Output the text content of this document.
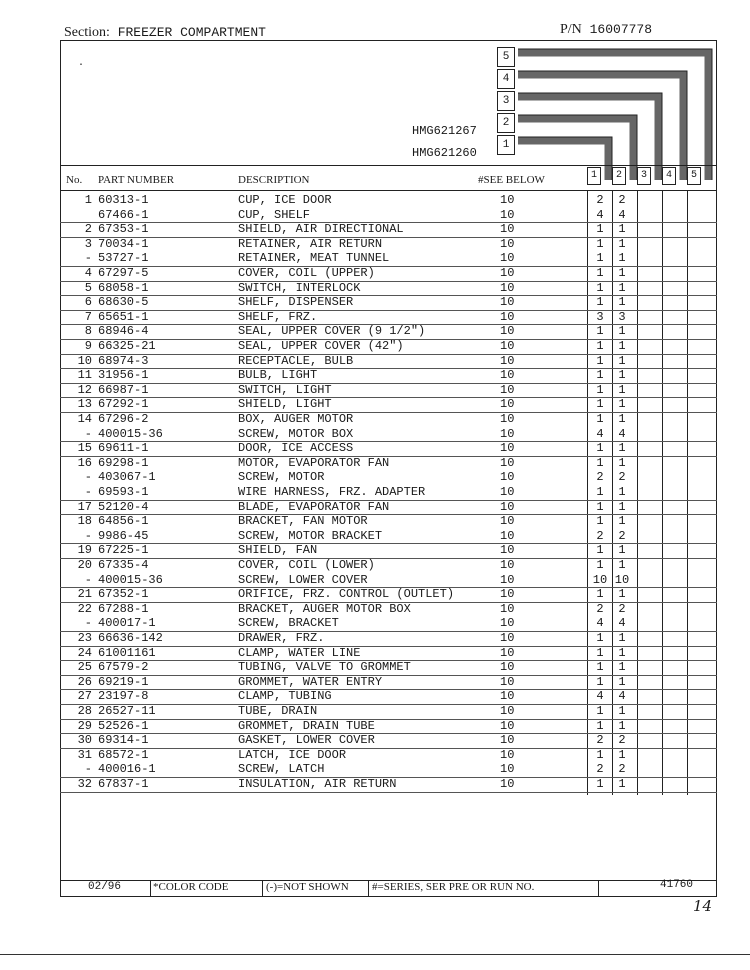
Section: FREEZER COMPARTMENT	P/N 16007778
.
5
4
3
2
1
HMG621267
HMG621260
No. PART NUMBER	DESCRIPTION	#SEE BELOW	1	2	3	4	5
1 60313-1	CUP, ICE DOOR	10	2	2
67466-1	CUP, SHELF	10	4	4
2 67353-1	SHIELD, AIR DIRECTIONAL	10	1	1
3 70034-1	RETAINER, AIR RETURN	10	1	1
- 53727-1	RETAINER, MEAT TUNNEL	10	1	1
4 67297-5	COVER, COIL (UPPER)	10	1	1
5 68058-1	SWITCH, INTERLOCK	10	1	1
6 68630-5	SHELF, DISPENSER	10	1	1
7 65651-1	SHELF, FRZ.	10	3	3
8 68946-4	SEAL, UPPER COVER (9 1/2")	10	1	1
9 66325-21	SEAL, UPPER COVER (42")	10	1	1
10 68974-3	RECEPTACLE, BULB	10	1	1
11 31956-1	BULB, LIGHT	10	1	1
12 66987-1	SWITCH, LIGHT	10	1	1
13 67292-1	SHIELD, LIGHT	10	1	1
14 67296-2	BOX, AUGER MOTOR	10	1	1
- 400015-36	SCREW, MOTOR BOX	10	4	4
15 69611-1	DOOR, ICE ACCESS	10	1	1
16 69298-1	MOTOR, EVAPORATOR FAN	10	1	1
- 403067-1	SCREW, MOTOR	10	2	2
- 69593-1	WIRE HARNESS, FRZ. ADAPTER	10	1	1
17 52120-4	BLADE, EVAPORATOR FAN	10	1	1
18 64856-1	BRACKET, FAN MOTOR	10	1	1
- 9986-45	SCREW, MOTOR BRACKET	10	2	2
19 67225-1	SHIELD, FAN	10	1	1
20 67335-4	COVER, COIL (LOWER)	10	1	1
- 400015-36	SCREW, LOWER COVER	10	10 10
21 67352-1	ORIFICE, FRZ. CONTROL (OUTLET)	10	1	1
22 67288-1	BRACKET, AUGER MOTOR BOX	10	2	2
- 400017-1	SCREW, BRACKET	10	4	4
23 66636-142	DRAWER, FRZ.	10	1	1
24 61001161	CLAMP, WATER LINE	10	1	1
25 67579-2	TUBING, VALVE TO GROMMET	10	1	1
26 69219-1	GROMMET, WATER ENTRY	10	1	1
27 23197-8	CLAMP, TUBING	10	4	4
28 26527-11	TUBE, DRAIN	10	1	1
29 52526-1	GROMMET, DRAIN TUBE	10	1	1
30 69314-1	GASKET, LOWER COVER	10	2	2
31 68572-1	LATCH, ICE DOOR	10	1	1
- 400016-1	SCREW, LATCH	10	2	2
32 67837-1	INSULATION, AIR RETURN	10	1	1
02/96	*COLOR CODE	(-)=NOT SHOWN #=SERIES, SER PRE OR RUN NO.	41760
14
